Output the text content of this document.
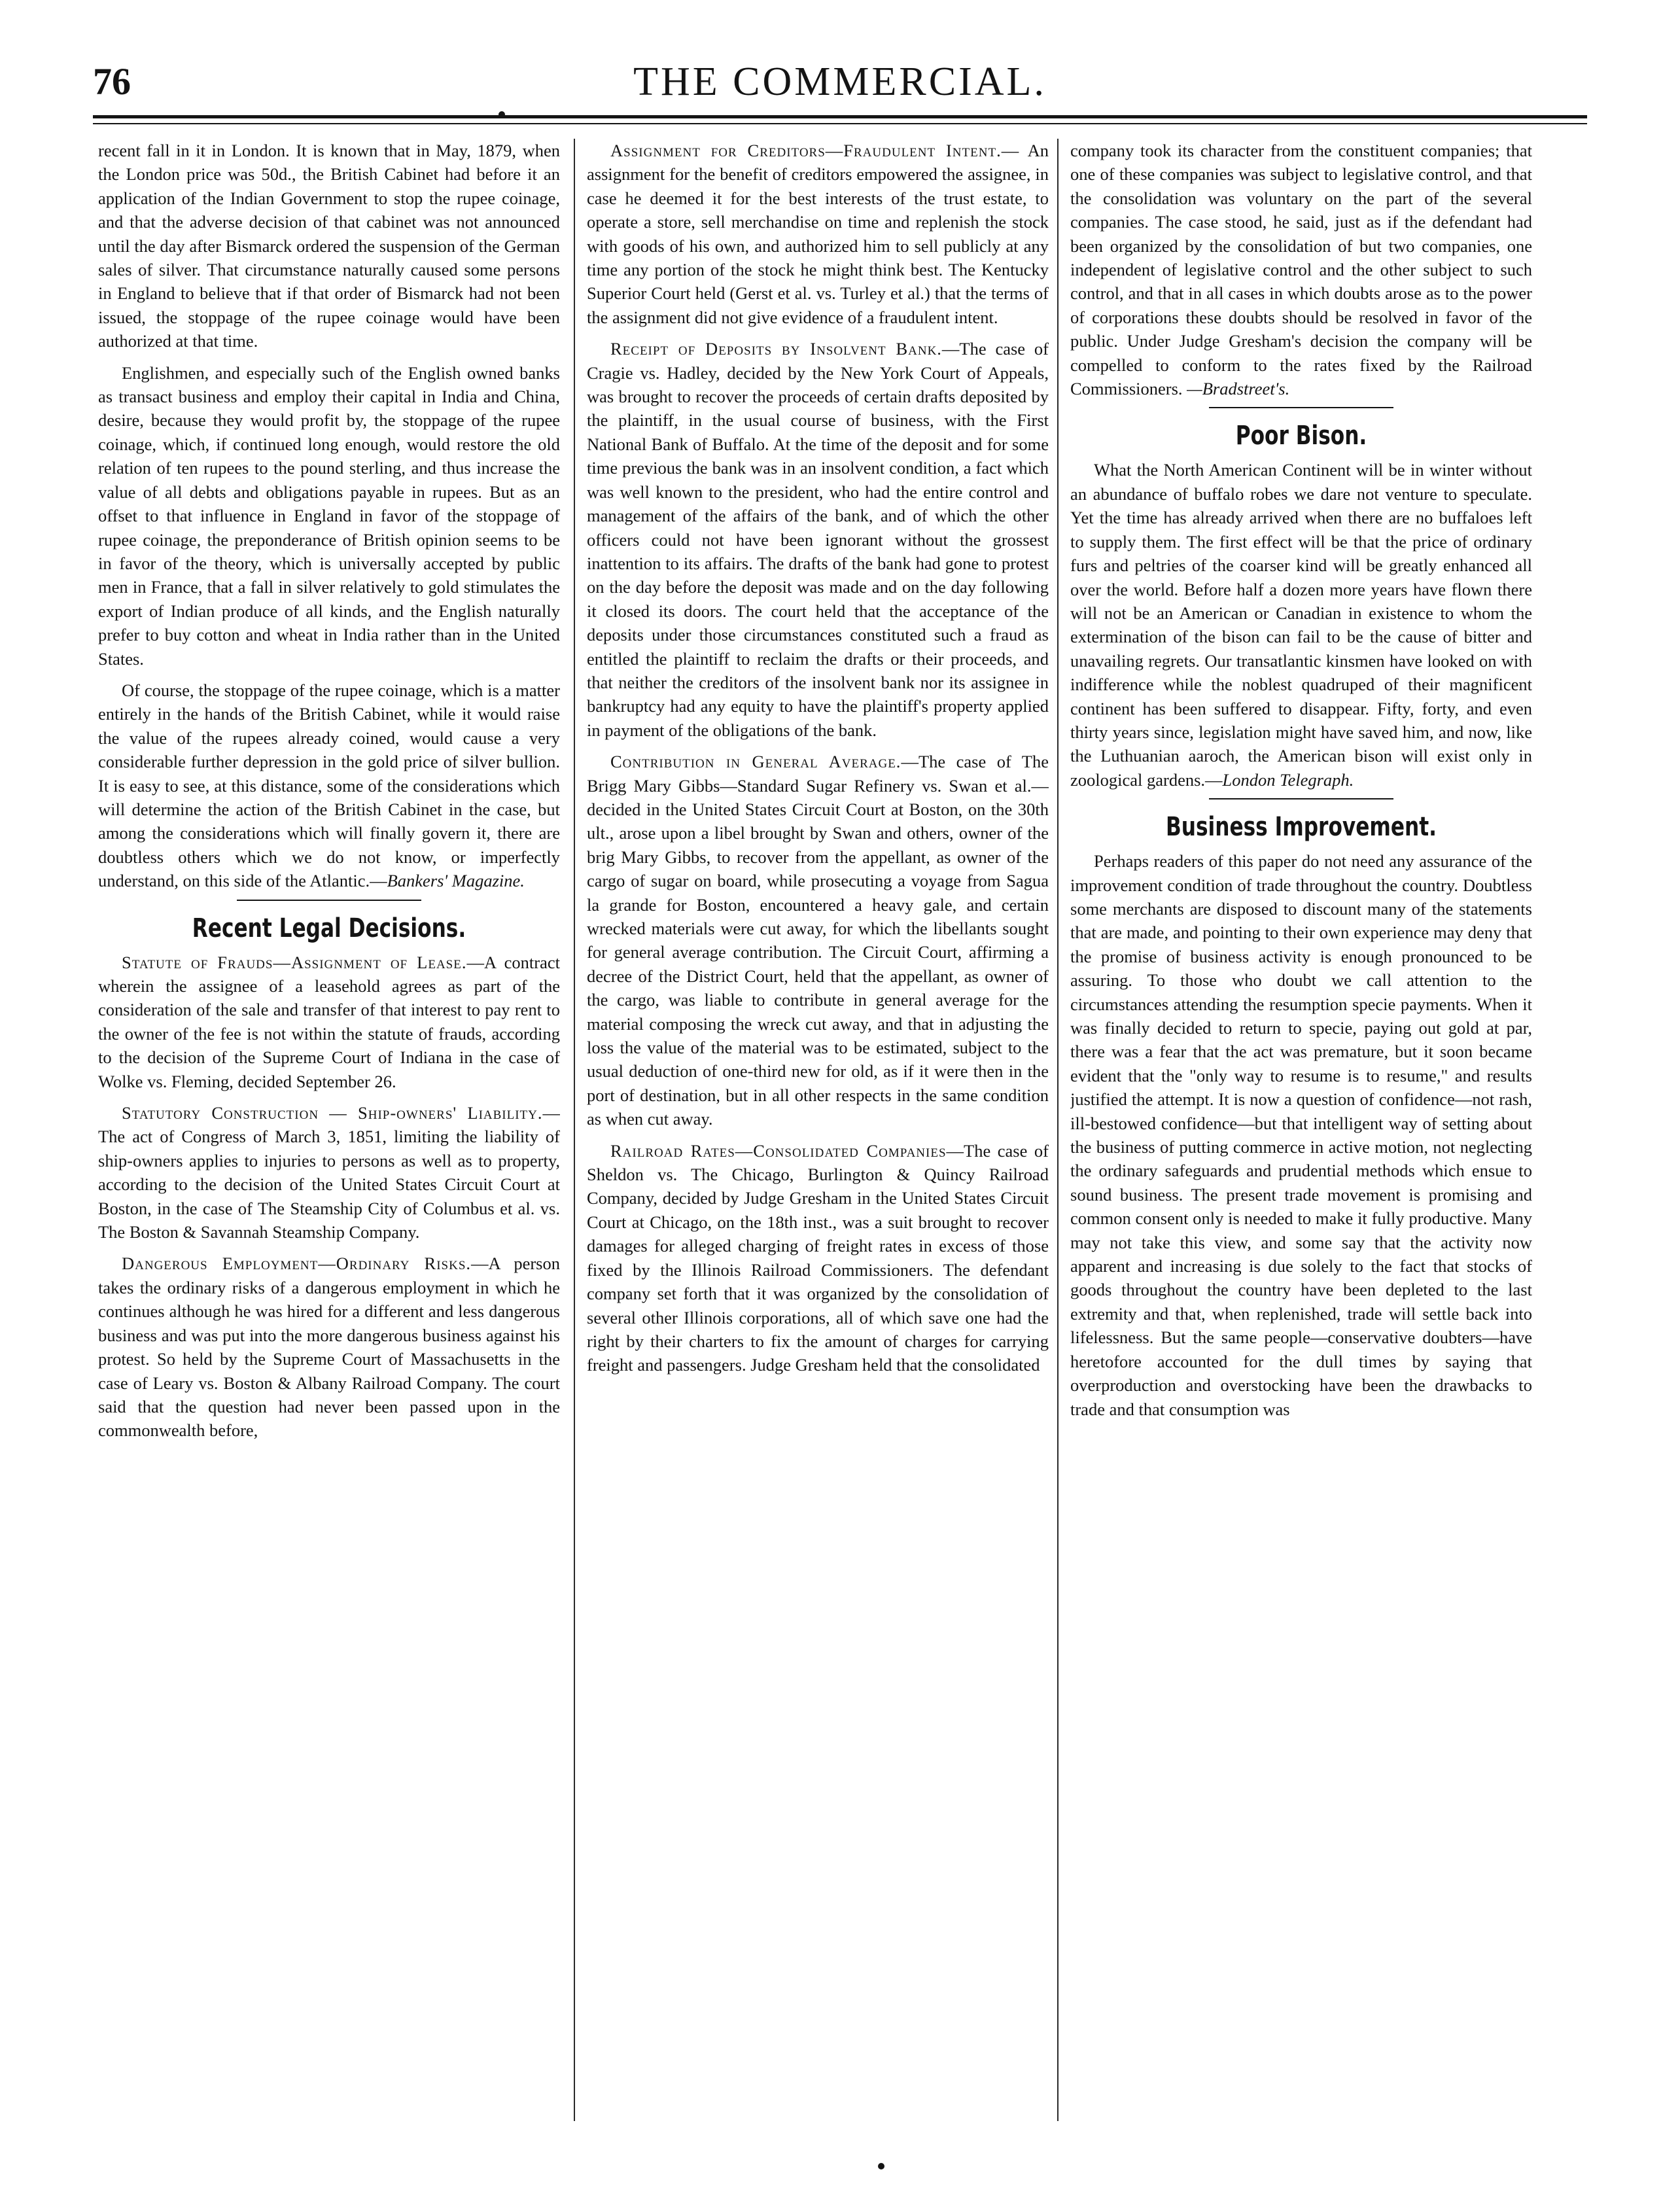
76	THE COMMERCIAL.

recent fall in it in London. It is known that in May, 1879, when the London price was 50d., the British Cabinet had before it an application of the Indian Government to stop the rupee coinage, and that the adverse decision of that cabinet was not announced until the day after Bismarck ordered the suspension of the German sales of silver. That circumstance naturally caused some persons in England to believe that if that order of Bismarck had not been issued, the stoppage of the rupee coinage would have been authorized at that time.

Englishmen, and especially such of the English owned banks as transact business and employ their capital in India and China, desire, because they would profit by, the stoppage of the rupee coinage, which, if continued long enough, would restore the old relation of ten rupees to the pound sterling, and thus increase the value of all debts and obligations payable in rupees. But as an offset to that influence in England in favor of the stoppage of rupee coinage, the preponderance of British opinion seems to be in favor of the theory, which is universally accepted by public men in France, that a fall in silver relatively to gold stimulates the export of Indian produce of all kinds, and the English naturally prefer to buy cotton and wheat in India rather than in the United States.

Of course, the stoppage of the rupee coinage, which is a matter entirely in the hands of the British Cabinet, while it would raise the value of the rupees already coined, would cause a very considerable further depression in the gold price of silver bullion. It is easy to see, at this distance, some of the considerations which will determine the action of the British Cabinet in the case, but among the considerations which will finally govern it, there are doubtless others which we do not know, or imperfectly understand, on this side of the Atlantic.—Bankers' Magazine.

Recent Legal Decisions.

Statute of Frauds—Assignment of Lease.—A contract wherein the assignee of a leasehold agrees as part of the consideration of the sale and transfer of that interest to pay rent to the owner of the fee is not within the statute of frauds, according to the decision of the Supreme Court of Indiana in the case of Wolke vs. Fleming, decided September 26.

Statutory Construction — Ship-owners' Liability.—The act of Congress of March 3, 1851, limiting the liability of ship-owners applies to injuries to persons as well as to property, according to the decision of the United States Circuit Court at Boston, in the case of The Steamship City of Columbus et al. vs. The Boston & Savannah Steamship Company.

Dangerous Employment—Ordinary Risks.—A person takes the ordinary risks of a dangerous employment in which he continues although he was hired for a different and less dangerous business and was put into the more dangerous business against his protest. So held by the Supreme Court of Massachusetts in the case of Leary vs. Boston & Albany Railroad Company. The court said that the question had never been passed upon in the commonwealth before,

Assignment for Creditors—Fraudulent Intent.— An assignment for the benefit of creditors empowered the assignee, in case he deemed it for the best interests of the trust estate, to operate a store, sell merchandise on time and replenish the stock with goods of his own, and authorized him to sell publicly at any time any portion of the stock he might think best. The Kentucky Superior Court held (Gerst et al. vs. Turley et al.) that the terms of the assignment did not give evidence of a fraudulent intent.

Receipt of Deposits by Insolvent Bank.—The case of Cragie vs. Hadley, decided by the New York Court of Appeals, was brought to recover the proceeds of certain drafts deposited by the plaintiff, in the usual course of business, with the First National Bank of Buffalo. At the time of the deposit and for some time previous the bank was in an insolvent condition, a fact which was well known to the president, who had the entire control and management of the affairs of the bank, and of which the other officers could not have been ignorant without the grossest inattention to its affairs. The drafts of the bank had gone to protest on the day before the deposit was made and on the day following it closed its doors. The court held that the acceptance of the deposits under those circumstances constituted such a fraud as entitled the plaintiff to reclaim the drafts or their proceeds, and that neither the creditors of the insolvent bank nor its assignee in bankruptcy had any equity to have the plaintiff's property applied in payment of the obligations of the bank.

Contribution in General Average.—The case of The Brigg Mary Gibbs—Standard Sugar Refinery vs. Swan et al.—decided in the United States Circuit Court at Boston, on the 30th ult., arose upon a libel brought by Swan and others, owner of the brig Mary Gibbs, to recover from the appellant, as owner of the cargo of sugar on board, while prosecuting a voyage from Sagua la grande for Boston, encountered a heavy gale, and certain wrecked materials were cut away, for which the libellants sought for general average contribution. The Circuit Court, affirming a decree of the District Court, held that the appellant, as owner of the cargo, was liable to contribute in general average for the material composing the wreck cut away, and that in adjusting the loss the value of the material was to be estimated, subject to the usual deduction of one-third new for old, as if it were then in the port of destination, but in all other respects in the same condition as when cut away.

Railroad Rates—Consolidated Companies—The case of Sheldon vs. The Chicago, Burlington & Quincy Railroad Company, decided by Judge Gresham in the United States Circuit Court at Chicago, on the 18th inst., was a suit brought to recover damages for alleged charging of freight rates in excess of those fixed by the Illinois Railroad Commissioners. The defendant company set forth that it was organized by the consolidation of several other Illinois corporations, all of which save one had the right by their charters to fix the amount of charges for carrying freight and passengers. Judge Gresham held that the consolidated

company took its character from the constituent companies; that one of these companies was subject to legislative control, and that the consolidation was voluntary on the part of the several companies. The case stood, he said, just as if the defendant had been organized by the consolidation of but two companies, one independent of legislative control and the other subject to such control, and that in all cases in which doubts arose as to the power of corporations these doubts should be resolved in favor of the public. Under Judge Gresham's decision the company will be compelled to conform to the rates fixed by the Railroad Commissioners. —Bradstreet's.

Poor Bison.

What the North American Continent will be in winter without an abundance of buffalo robes we dare not venture to speculate. Yet the time has already arrived when there are no buffaloes left to supply them. The first effect will be that the price of ordinary furs and peltries of the coarser kind will be greatly enhanced all over the world. Before half a dozen more years have flown there will not be an American or Canadian in existence to whom the extermination of the bison can fail to be the cause of bitter and unavailing regrets. Our transatlantic kinsmen have looked on with indifference while the noblest quadruped of their magnificent continent has been suffered to disappear. Fifty, forty, and even thirty years since, legislation might have saved him, and now, like the Luthuanian aaroch, the American bison will exist only in zoological gardens.—London Telegraph.

Business Improvement.

Perhaps readers of this paper do not need any assurance of the improvement condition of trade throughout the country. Doubtless some merchants are disposed to discount many of the statements that are made, and pointing to their own experience may deny that the promise of business activity is enough pronounced to be assuring. To those who doubt we call attention to the circumstances attending the resumption specie payments. When it was finally decided to return to specie, paying out gold at par, there was a fear that the act was premature, but it soon became evident that the "only way to resume is to resume," and results justified the attempt. It is now a question of confidence—not rash, ill-bestowed confidence—but that intelligent way of setting about the business of putting commerce in active motion, not neglecting the ordinary safeguards and prudential methods which ensue to sound business. The present trade movement is promising and common consent only is needed to make it fully productive. Many may not take this view, and some say that the activity now apparent and increasing is due solely to the fact that stocks of goods throughout the country have been depleted to the last extremity and that, when replenished, trade will settle back into lifelessness. But the same people—conservative doubters—have heretofore accounted for the dull times by saying that overproduction and overstocking have been the drawbacks to trade and that consumption was
